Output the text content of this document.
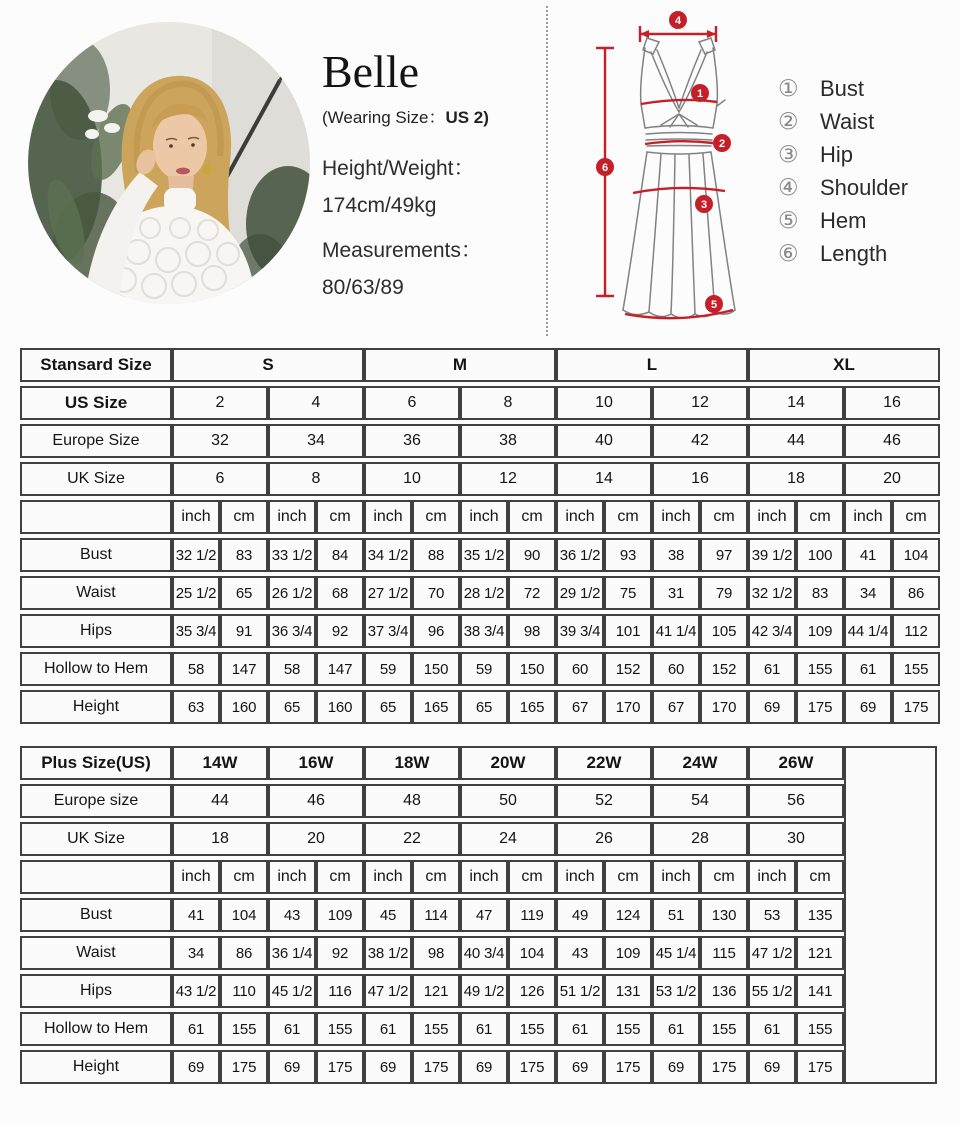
Belle
(Wearing Size：US 2)
Height/Weight：
174cm/49kg
Measurements：
80/63/89
4
6
1
2
3
5
① Bust
② Waist
③ Hip
④ Shoulder
⑤ Hem
⑥ Length
Stansard Size	S				M				L				XL			
US Size	2		4		6		8		10		12		14		16	
Europe Size	32		34		36		38		40		42		44		46	
UK Size	6		8		10		12		14		16		18		20	
	inch	cm	inch	cm	inch	cm	inch	cm	inch	cm	inch	cm	inch	cm	inch	cm
Bust	32 1/2	83	33 1/2	84	34 1/2	88	35 1/2	90	36 1/2	93	38	97	39 1/2	100	41	104
Waist	25 1/2	65	26 1/2	68	27 1/2	70	28 1/2	72	29 1/2	75	31	79	32 1/2	83	34	86
Hips	35 3/4	91	36 3/4	92	37 3/4	96	38 3/4	98	39 3/4	101	41 1/4	105	42 3/4	109	44 1/4	112
Hollow to Hem	58	147	58	147	59	150	59	150	60	152	60	152	61	155	61	155
Height	63	160	65	160	65	165	65	165	67	170	67	170	69	175	69	175
Plus Size(US)	14W		16W		18W		20W		22W		24W		26W		
Europe size	44		46		48		50		52		54		56		
UK Size	18		20		22		24		26		28		30		
	inch	cm	inch	cm	inch	cm	inch	cm	inch	cm	inch	cm	inch	cm	
Bust	41	104	43	109	45	114	47	119	49	124	51	130	53	135	
Waist	34	86	36 1/4	92	38 1/2	98	40 3/4	104	43	109	45 1/4	115	47 1/2	121	
Hips	43 1/2	110	45 1/2	116	47 1/2	121	49 1/2	126	51 1/2	131	53 1/2	136	55 1/2	141	
Hollow to Hem	61	155	61	155	61	155	61	155	61	155	61	155	61	155	
Height	69	175	69	175	69	175	69	175	69	175	69	175	69	175	
